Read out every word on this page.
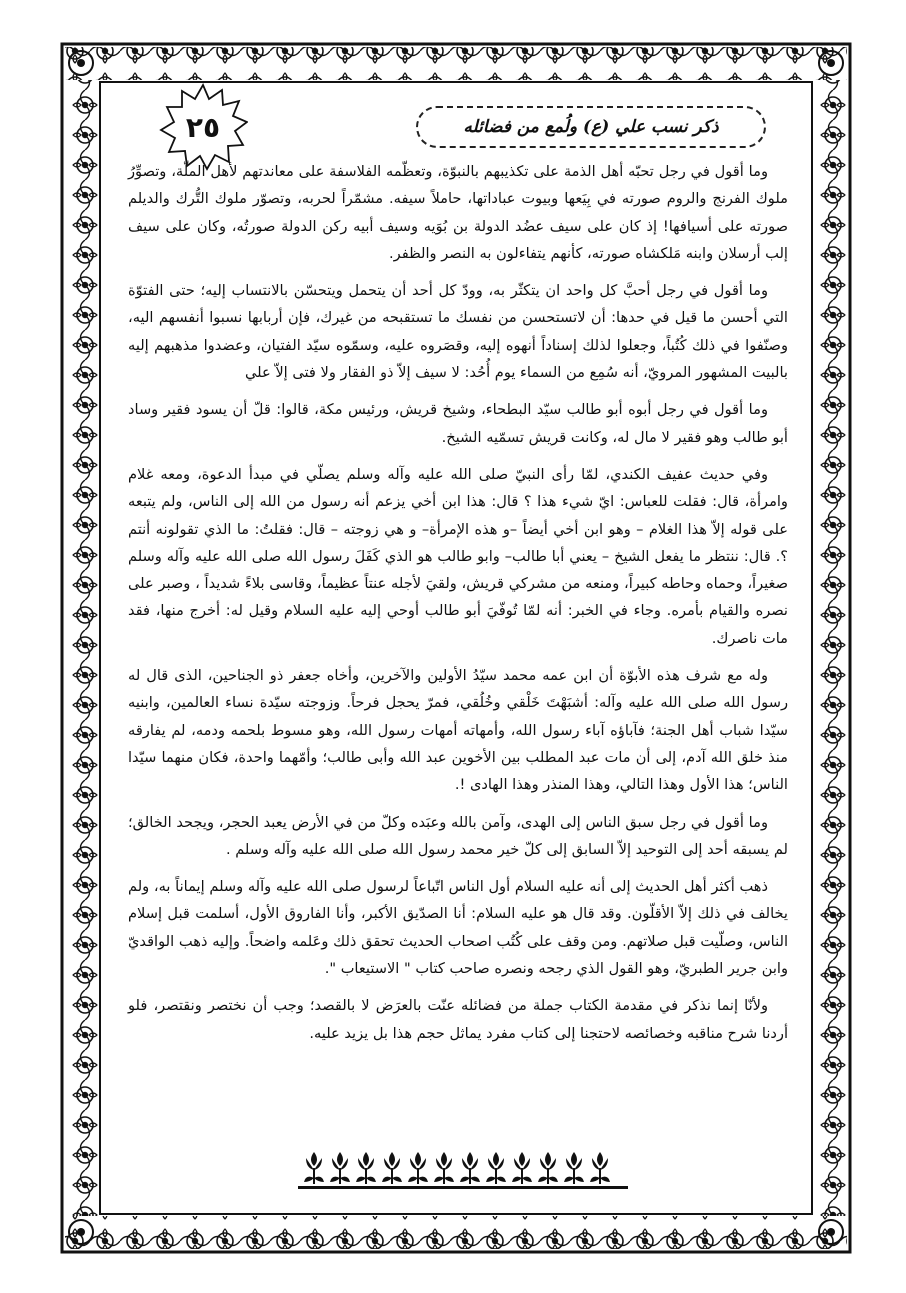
٢٥	ذكر نسب علي (ع) ولُمع من فضائله

وما أقول في رجل تحبّه أهل الذمة على تكذيبهم بالنبوّة، وتعظّمه الفلاسفة على معاندتهم لأهل الملّة، وتصوِّرُ ملوك الفرنج والروم صورته في بِيَعها وبيوت عباداتها، حاملاً سيفه. مشمّراً لحربه، وتصوّر ملوك التُّرك والديلم صورته على أسيافها! إذ كان على سيف عضُد الدولة بن بُوَيه وسيف أبيه ركن الدولة صورتُه، وكان على سيف إلب أرسلان وابنه مَلكشاه صورته، كأنهم يتفاءلون به النصر والظفر.

وما أقول في رجل أحبَّ كل واحد ان يتكثّر به، وودّ كل أحد أن يتحمل ويتحسّن بالانتساب إليه؛ حتى الفتوّة التي أحسن ما قيل في حدها: أن لاتستحسن من نفسك ما تستقبحه من غيرك، فإن أربابها نسبوا أنفسهم اليه، وصنّفوا في ذلك كُتُباً، وجعلوا لذلك إسناداً أنهوه إليه، وقصَروه عليه، وسمّوه سيّد الفتيان، وعضدوا مذهبهم إليه بالبيت المشهور المرويّ، أنه سُمِع من السماء يوم أُحُد: لا سيف إلاّ ذو الفقار ولا فتى إلاّ علي

وما أقول في رجل أبوه أبو طالب سيّد البطحاء، وشيخ قريش، ورئيس مكة، قالوا: قلّ أن يسود فقير وساد أبو طالب وهو فقير لا مال له، وكانت قريش تسمّيه الشيخ.

وفي حديث عفيف الكندي، لمّا رأى النبيّ صلى الله عليه وآله وسلم يصلّي في مبدأ الدعوة، ومعه غلام وامرأة، قال: فقلت للعباس: ايّ شيء هذا ؟ قال: هذا ابن أخي يزعم أنه رسول من الله إلى الناس، ولم يتبعه على قوله إلاّ هذا الغلام – وهو ابن أخي أيضاً –و هذه الإمرأة– و هي زوجته – قال: فقلتُ: ما الذي تقولونه أنتم ؟. قال: ننتظر ما يفعل الشيخ – يعني أبا طالب– وابو طالب هو الذي كَفَلَ رسول الله صلى الله عليه وآله وسلم صغيراً، وحماه وحاطه كبيراً، ومنعه من مشركي قريش، ولقيَ لأجله عنتاً عظيماً، وقاسى بلاءً شديداً ، وصبر على نصره والقيام بأمره. وجاء في الخبر: أنه لمّا تُوفّيَ أبو طالب أوحي إليه عليه السلام وقيل له: أخرج منها، فقد مات ناصرك.

وله مع شرف هذه الأبوّة أن ابن عمه محمد سيّدُ الأولين والآخرين، وأخاه جعفر ذو الجناحين، الذى قال له رسول الله صلى الله عليه وآله: أشبَهْتَ خَلْقي وخُلُقي، فمرّ يحجل فرحاً. وزوجته سيّدة نساء العالمين، وابنيه سيّدا شباب أهل الجنة؛ فآباؤه آباء رسول الله، وأمهاته أمهات رسول الله، وهو مسوط بلحمه ودمه، لم يفارقه منذ خلق الله آدم، إلى أن مات عبد المطلب بين الأخوين عبد الله وأبى طالب؛ وأمّهما واحدة، فكان منهما سيّدا الناس؛ هذا الأول وهذا التالي، وهذا المنذر وهذا الهادى !.

وما أقول في رجل سبق الناس إلى الهدى، وآمن بالله وعبَده وكلّ من في الأرض يعبد الحجر، ويجحد الخالق؛ لم يسبقه أحد إلى التوحيد إلاّ السابق إلى كلّ خير محمد رسول الله صلى الله عليه وآله وسلم .

ذهب أكثر أهل الحديث إلى أنه عليه السلام أول الناس اتّباعاً لرسول صلى الله عليه وآله وسلم إيماناً به، ولم يخالف في ذلك إلاّ الأقلّون. وقد قال هو عليه السلام: أنا الصدّيق الأكبر، وأنا الفاروق الأول، أسلمت قبل إسلام الناس، وصلّيت قبل صلاتهم. ومن وقف على كُتُب اصحاب الحديث تحقق ذلك وعَلمه واضحاً. وإليه ذهب الواقديّ وابن جرير الطبريّ، وهو القول الذي رجحه ونصره صاحب كتاب " الاستيعاب ".

ولأنّا إنما نذكر في مقدمة الكتاب جملة من فضائله عنّت بالعرَض لا بالقصد؛ وجب أن نختصر ونقتصر، فلو أردنا شرح مناقبه وخصائصه لاحتجنا إلى كتاب مفرد يماثل حجم هذا بل يزيد عليه.
